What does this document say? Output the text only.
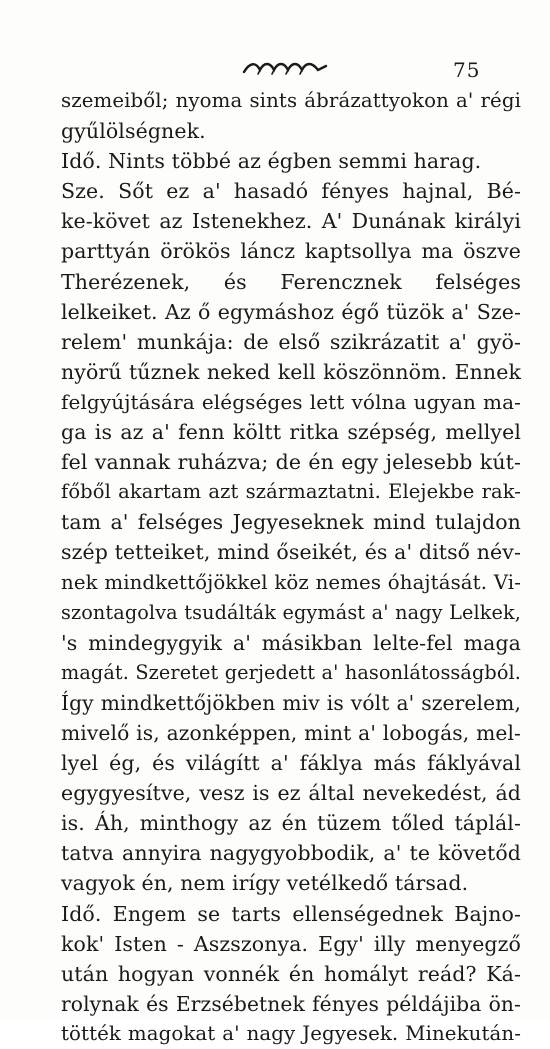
75
szemeiből; nyoma sints ábrázattyokon a' régi
gyűlölségnek.
Idő. Nints többé az égben semmi harag.
Sze. Sőt ez a' hasadó fényes hajnal, Bé-
ke-követ az Istenekhez. A' Dunának királyi
parttyán örökös láncz kaptsollya ma öszve
Therézenek, és Ferencznek felséges
lelkeiket. Az ő egymáshoz égő tüzök a' Sze-
relem' munkája: de első szikrázatit a' gyö-
nyörű tűznek neked kell köszönnöm. Ennek
felgyújtására elégséges lett vólna ugyan ma-
ga is az a' fenn költt ritka szépség, mellyel
fel vannak ruházva; de én egy jelesebb kút-
főből akartam azt származtatni. Elejekbe rak-
tam a' felséges Jegyeseknek mind tulajdon
szép tetteiket, mind őseikét, és a' ditső név-
nek mindkettőjökkel köz nemes óhajtását. Vi-
szontagolva tsudálták egymást a' nagy Lelkek,
's mindegygyik a' másikban lelte-fel maga
magát. Szeretet gerjedett a' hasonlátosságból.
Így mindkettőjökben miv is vólt a' szerelem,
mivelő is, azonképpen, mint a' lobogás, mel-
lyel ég, és világítt a' fáklya más fáklyával
egygyesítve, vesz is ez által nevekedést, ád
is. Áh, minthogy az én tüzem tőled táplál-
tatva annyira nagygyobbodik, a' te követőd
vagyok én, nem irígy vetélkedő társad.
Idő. Engem se tarts ellenségednek Bajno-
kok' Isten - Aszszonya. Egy' illy menyegző
után hogyan vonnék én homályt reád? Ká-
rolynak és Erzsébetnek fényes példájiba ön-
tötték magokat a' nagy Jegyesek. Minekután-
